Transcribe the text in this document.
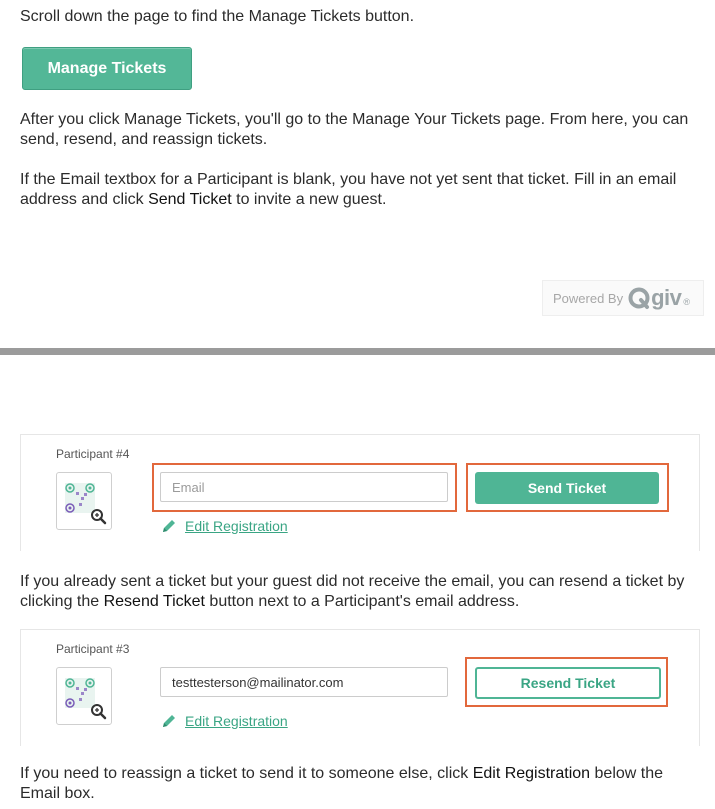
Scroll down the page to find the Manage Tickets button.

Manage Tickets

After you click Manage Tickets, you'll go to the Manage Your Tickets page. From here, you can send, resend, and reassign tickets.

If the Email textbox for a Participant is blank, you have not yet sent that ticket. Fill in an email address and click Send Ticket to invite a new guest.

Powered By giv ®
Participant #4
Email
Send Ticket
Edit Registration

If you already sent a ticket but your guest did not receive the email, you can resend a ticket by clicking the Resend Ticket button next to a Participant's email address.

Participant #3
testtesterson@mailinator.com
Resend Ticket
Edit Registration

If you need to reassign a ticket to send it to someone else, click Edit Registration below the Email box.
